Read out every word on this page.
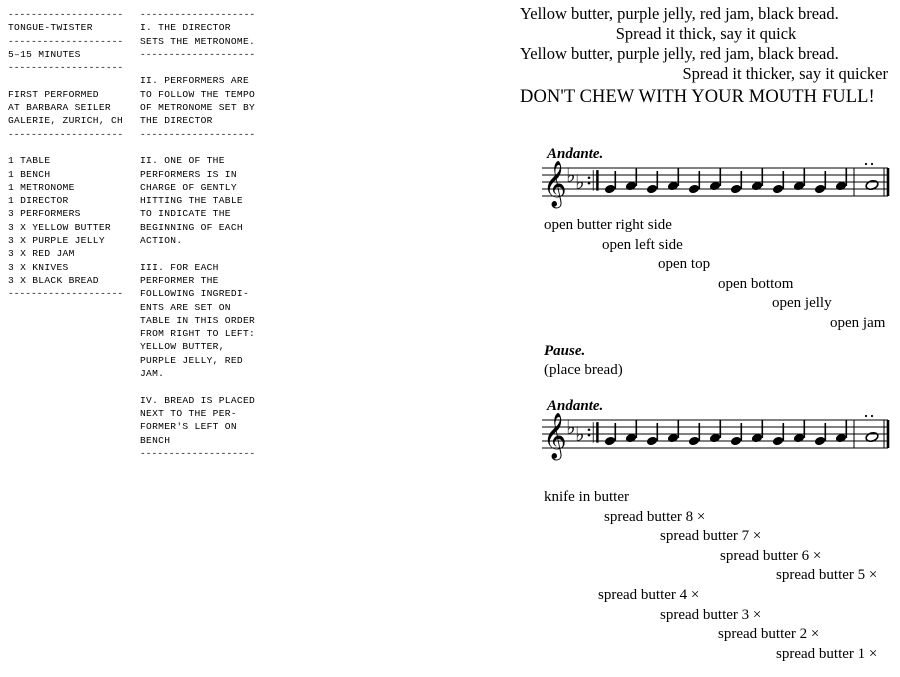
--------------------
TONGUE-TWISTER
--------------------
5–15 MINUTES
--------------------
FIRST PERFORMED
AT BARBARA SEILER
GALERIE, ZURICH, CH
--------------------
1 TABLE
1 BENCH
1 METRONOME
1 DIRECTOR
3 PERFORMERS
3 X YELLOW BUTTER
3 X PURPLE JELLY
3 X RED JAM
3 X KNIVES
3 X BLACK BREAD
--------------------
--------------------
I. THE DIRECTOR
SETS THE METRONOME.
--------------------
II. PERFORMERS ARE
TO FOLLOW THE TEMPO
OF METRONOME SET BY
THE DIRECTOR
--------------------
II. ONE OF THE
PERFORMERS IS IN
CHARGE OF GENTLY
HITTING THE TABLE
TO INDICATE THE
BEGINNING OF EACH
ACTION.
III. FOR EACH
PERFORMER THE
FOLLOWING INGREDI-
ENTS ARE SET ON
TABLE IN THIS ORDER
FROM RIGHT TO LEFT:
YELLOW BUTTER,
PURPLE JELLY, RED
JAM.
IV. BREAD IS PLACED
NEXT TO THE PER-
FORMER'S LEFT ON
BENCH
--------------------
Yellow butter, purple jelly, red jam, black bread.
Spread it thick, say it quick
Yellow butter, purple jelly, red jam, black bread.
Spread it thicker, say it quicker
DON'T CHEW WITH YOUR MOUTH FULL!
Andante.
𝄞 ♭ ♭ 𝄇
open butter right side
open left side
open top
open bottom
open jelly
open jam
Pause.
(place bread)
Andante.
𝄞 ♭ ♭ 𝄇
knife in butter
spread butter 8 ×
spread butter 7 ×
spread butter 6 ×
spread butter 5 ×
spread butter 4 ×
spread butter 3 ×
spread butter 2 ×
spread butter 1 ×
